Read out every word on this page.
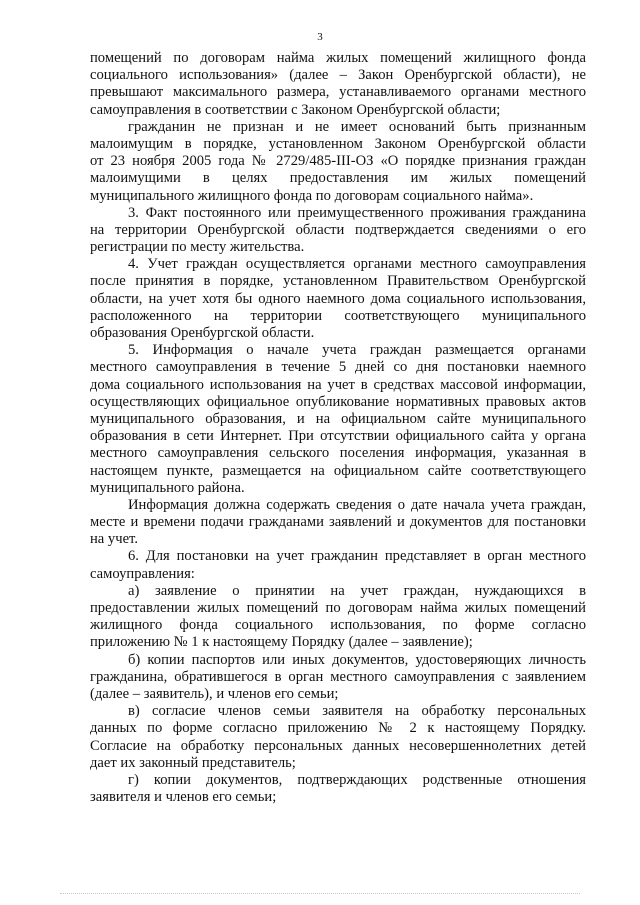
3
помещений по договорам найма жилых помещений жилищного фонда
социального использования» (далее – Закон Оренбургской области), не
превышают максимального размера, устанавливаемого органами местного
самоуправления в соответствии с Законом Оренбургской области;
гражданин не признан и не имеет оснований быть признанным
малоимущим в порядке, установленном Законом Оренбургской области
от 23 ноября 2005 года № 2729/485-III-ОЗ «О порядке признания граждан
малоимущими в целях предоставления им жилых помещений
муниципального жилищного фонда по договорам социального найма».
3. Факт постоянного или преимущественного проживания гражданина
на территории Оренбургской области подтверждается сведениями о его
регистрации по месту жительства.
4. Учет граждан осуществляется органами местного самоуправления
после принятия в порядке, установленном Правительством Оренбургской
области, на учет хотя бы одного наемного дома социального использования,
расположенного на территории соответствующего муниципального
образования Оренбургской области.
5. Информация о начале учета граждан размещается органами
местного самоуправления в течение 5 дней со дня постановки наемного
дома социального использования на учет в средствах массовой информации,
осуществляющих официальное опубликование нормативных правовых актов
муниципального образования, и на официальном сайте муниципального
образования в сети Интернет. При отсутствии официального сайта у органа
местного самоуправления сельского поселения информация, указанная в
настоящем пункте, размещается на официальном сайте соответствующего
муниципального района.
Информация должна содержать сведения о дате начала учета граждан,
месте и времени подачи гражданами заявлений и документов для постановки
на учет.
6. Для постановки на учет гражданин представляет в орган местного
самоуправления:
а) заявление о принятии на учет граждан, нуждающихся в
предоставлении жилых помещений по договорам найма жилых помещений
жилищного фонда социального использования, по форме согласно
приложению № 1 к настоящему Порядку (далее – заявление);
б) копии паспортов или иных документов, удостоверяющих личность
гражданина, обратившегося в орган местного самоуправления с заявлением
(далее – заявитель), и членов его семьи;
в) согласие членов семьи заявителя на обработку персональных
данных по форме согласно приложению № 2 к настоящему Порядку.
Согласие на обработку персональных данных несовершеннолетних детей
дает их законный представитель;
г) копии документов, подтверждающих родственные отношения
заявителя и членов его семьи;
